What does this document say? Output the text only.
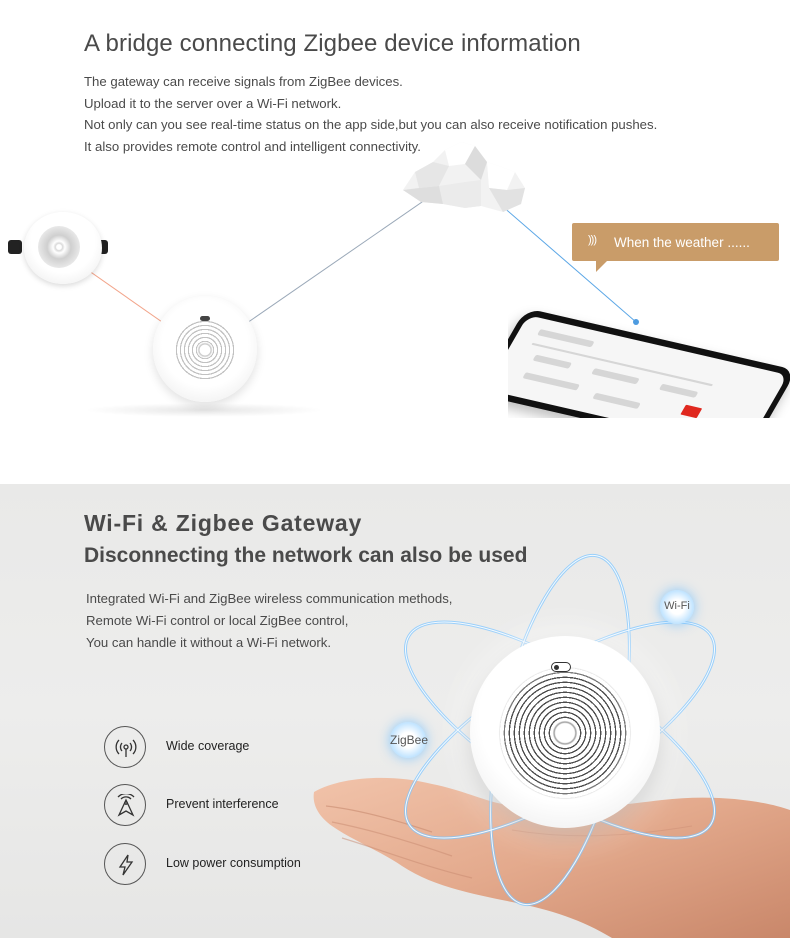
A bridge connecting Zigbee device information

The gateway can receive signals from ZigBee devices.

Upload it to the server over a Wi-Fi network.

Not only can you see real-time status on the app side,but you can also receive notification pushes.

It also provides remote control and intelligent connectivity.

))) When the weather ......
Wi-Fi & Zigbee Gateway
Disconnecting the network can also be used

Integrated Wi-Fi and ZigBee wireless communication methods,

Remote Wi-Fi control or local ZigBee control,

You can handle it without a Wi-Fi network.

Wi-Fi
ZigBee
Wide coverage
Prevent interference
Low power consumption
